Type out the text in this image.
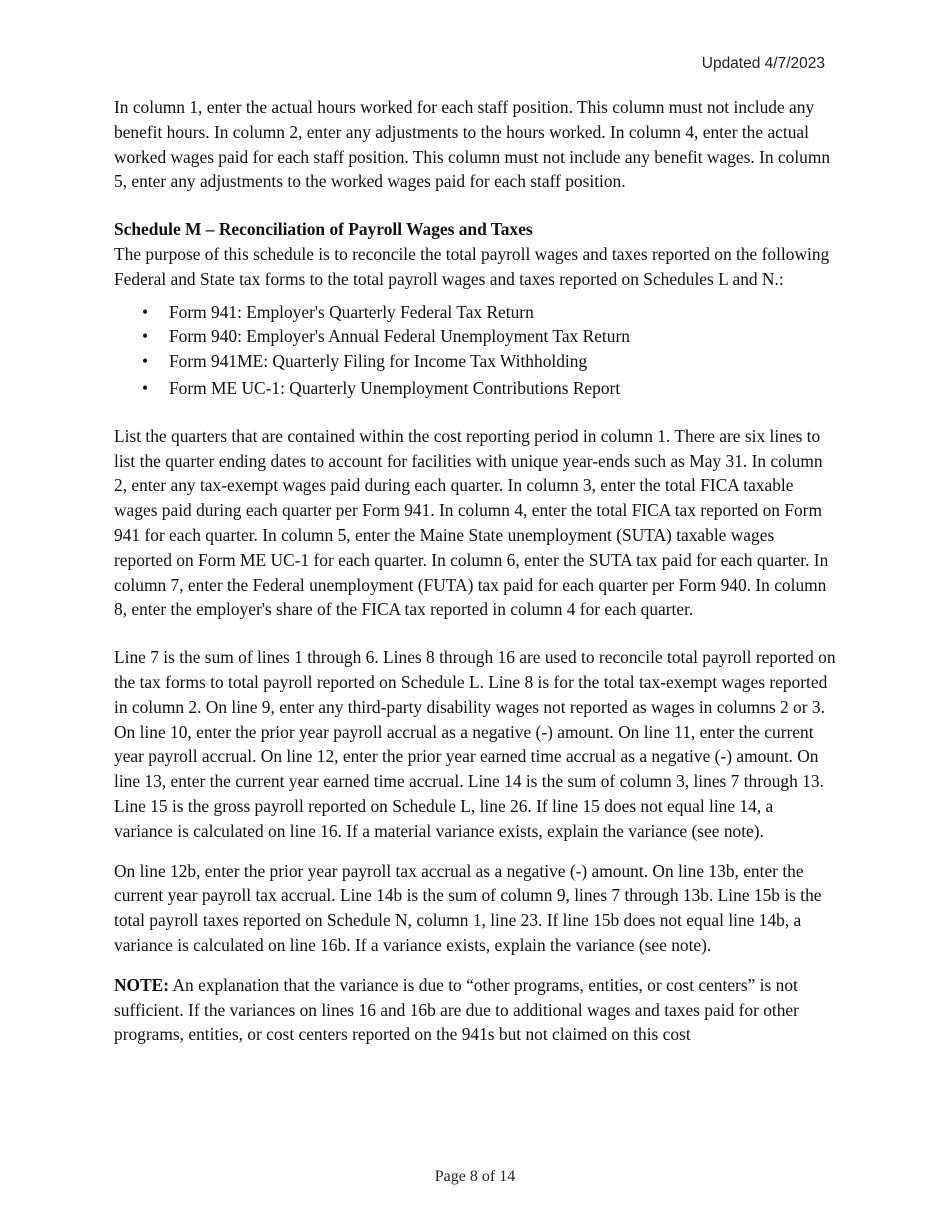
Updated 4/7/2023

In column 1, enter the actual hours worked for each staff position. This column must not include any benefit hours. In column 2, enter any adjustments to the hours worked. In column 4, enter the actual worked wages paid for each staff position. This column must not include any benefit wages. In column 5, enter any adjustments to the worked wages paid for each staff position.

Schedule M – Reconciliation of Payroll Wages and Taxes

The purpose of this schedule is to reconcile the total payroll wages and taxes reported on the following Federal and State tax forms to the total payroll wages and taxes reported on Schedules L and N.:

• Form 941: Employer's Quarterly Federal Tax Return
• Form 940: Employer's Annual Federal Unemployment Tax Return
• Form 941ME: Quarterly Filing for Income Tax Withholding
• Form ME UC-1: Quarterly Unemployment Contributions Report

List the quarters that are contained within the cost reporting period in column 1. There are six lines to list the quarter ending dates to account for facilities with unique year-ends such as May 31. In column 2, enter any tax-exempt wages paid during each quarter. In column 3, enter the total FICA taxable wages paid during each quarter per Form 941. In column 4, enter the total FICA tax reported on Form 941 for each quarter. In column 5, enter the Maine State unemployment (SUTA) taxable wages reported on Form ME UC-1 for each quarter. In column 6, enter the SUTA tax paid for each quarter. In column 7, enter the Federal unemployment (FUTA) tax paid for each quarter per Form 940. In column 8, enter the employer's share of the FICA tax reported in column 4 for each quarter.

Line 7 is the sum of lines 1 through 6. Lines 8 through 16 are used to reconcile total payroll reported on the tax forms to total payroll reported on Schedule L. Line 8 is for the total tax-exempt wages reported in column 2. On line 9, enter any third-party disability wages not reported as wages in columns 2 or 3. On line 10, enter the prior year payroll accrual as a negative (-) amount. On line 11, enter the current year payroll accrual. On line 12, enter the prior year earned time accrual as a negative (-) amount. On line 13, enter the current year earned time accrual. Line 14 is the sum of column 3, lines 7 through 13. Line 15 is the gross payroll reported on Schedule L, line 26. If line 15 does not equal line 14, a variance is calculated on line 16. If a material variance exists, explain the variance (see note).

On line 12b, enter the prior year payroll tax accrual as a negative (-) amount. On line 13b, enter the current year payroll tax accrual. Line 14b is the sum of column 9, lines 7 through 13b. Line 15b is the total payroll taxes reported on Schedule N, column 1, line 23. If line 15b does not equal line 14b, a variance is calculated on line 16b. If a variance exists, explain the variance (see note).

NOTE: An explanation that the variance is due to “other programs, entities, or cost centers” is not sufficient. If the variances on lines 16 and 16b are due to additional wages and taxes paid for other programs, entities, or cost centers reported on the 941s but not claimed on this cost

Page 8 of 14
